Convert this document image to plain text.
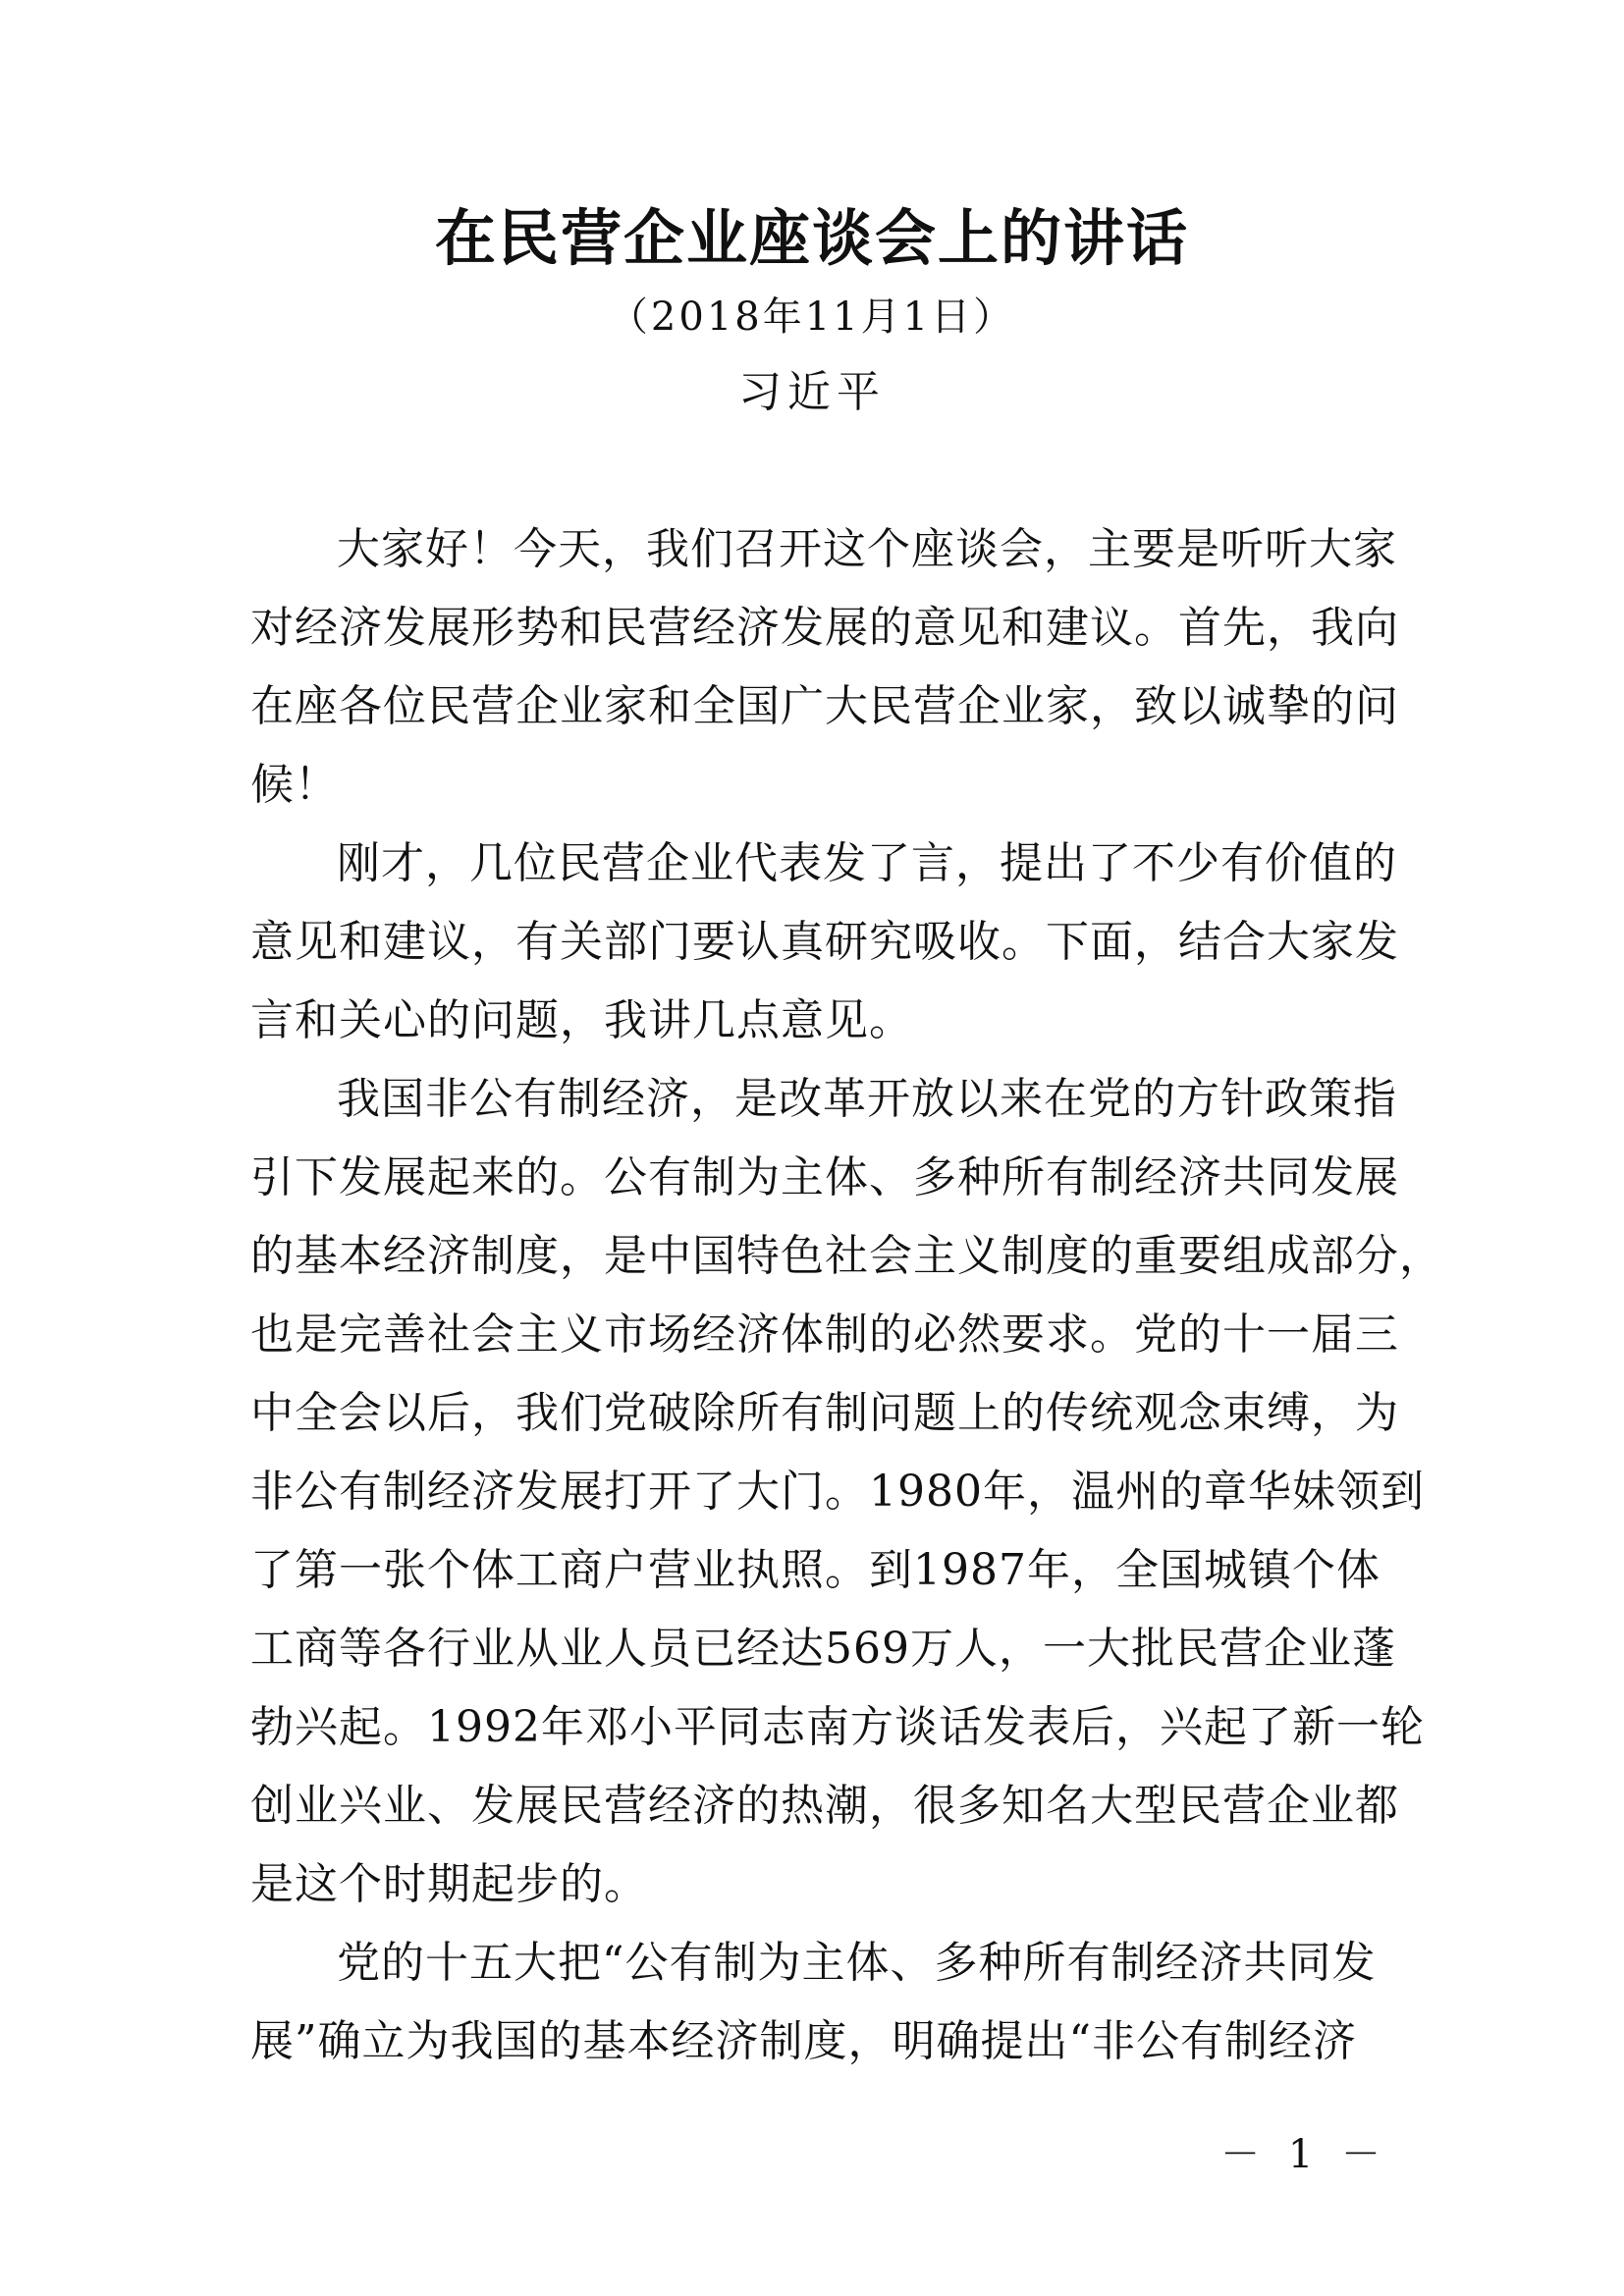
在民营企业座谈会上的讲话
（2018年11月1日）
习近平
大家好！今天，我们召开这个座谈会，主要是听听大家
对经济发展形势和民营经济发展的意见和建议。首先，我向
在座各位民营企业家和全国广大民营企业家，致以诚挚的问
候！
刚才，几位民营企业代表发了言，提出了不少有价值的
意见和建议，有关部门要认真研究吸收。下面，结合大家发
言和关心的问题，我讲几点意见。
我国非公有制经济，是改革开放以来在党的方针政策指
引下发展起来的。公有制为主体、多种所有制经济共同发展
的基本经济制度，是中国特色社会主义制度的重要组成部分，
也是完善社会主义市场经济体制的必然要求。党的十一届三
中全会以后，我们党破除所有制问题上的传统观念束缚，为
非公有制经济发展打开了大门。1980年，温州的章华妹领到
了第一张个体工商户营业执照。到1987年，全国城镇个体
工商等各行业从业人员已经达569万人，一大批民营企业蓬
勃兴起。1992年邓小平同志南方谈话发表后，兴起了新一轮
创业兴业、发展民营经济的热潮，很多知名大型民营企业都
是这个时期起步的。
党的十五大把“公有制为主体、多种所有制经济共同发
展”确立为我国的基本经济制度，明确提出“非公有制经济
－ 1 －
